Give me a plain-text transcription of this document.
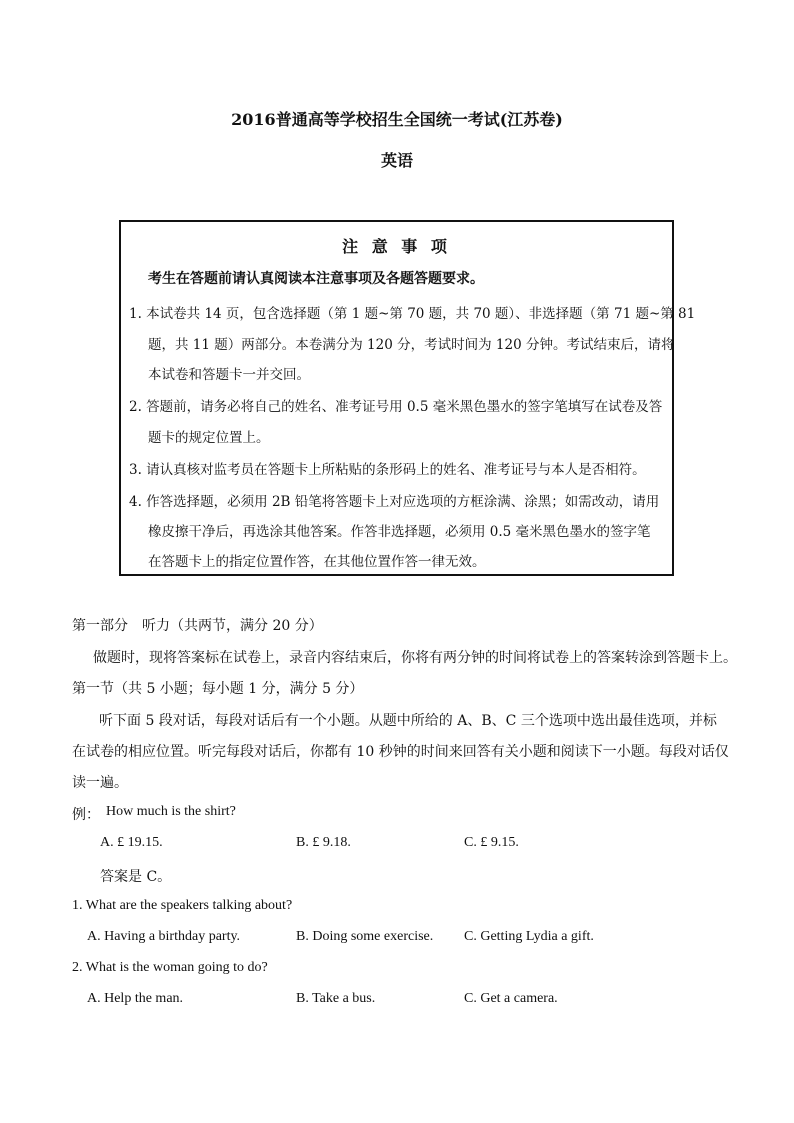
2016普通高等学校招生全国统一考试(江苏卷)
英语
注 意 事 项
考生在答题前请认真阅读本注意事项及各题答题要求。
1. 本试卷共 14 页，包含选择题（第 1 题~第 70 题，共 70 题）、非选择题（第 71 题~第 81
题，共 11 题）两部分。本卷满分为 120 分，考试时间为 120 分钟。考试结束后，请将
本试卷和答题卡一并交回。
2. 答题前，请务必将自己的姓名、准考证号用 0.5 毫米黑色墨水的签字笔填写在试卷及答
题卡的规定位置上。
3. 请认真核对监考员在答题卡上所粘贴的条形码上的姓名、准考证号与本人是否相符。
4. 作答选择题，必须用 2B 铅笔将答题卡上对应选项的方框涂满、涂黑；如需改动，请用
橡皮擦干净后，再选涂其他答案。作答非选择题，必须用 0.5 毫米黑色墨水的签字笔
在答题卡上的指定位置作答，在其他位置作答一律无效。
第一部分　听力（共两节，满分 20 分）
做题时，现将答案标在试卷上，录音内容结束后，你将有两分钟的时间将试卷上的答案转涂到答题卡上。
第一节（共 5 小题；每小题 1 分，满分 5 分）
听下面 5 段对话，每段对话后有一个小题。从题中所给的 A、B、C 三个选项中选出最佳选项，并标
在试卷的相应位置。听完每段对话后，你都有 10 秒钟的时间来回答有关小题和阅读下一小题。每段对话仅
读一遍。
例： How much is the shirt?
A. £ 19.15.	B. £ 9.18.	C. £ 9.15.
答案是 C。
1. What are the speakers talking about?
A. Having a birthday party.	B. Doing some exercise. C. Getting Lydia a gift.
2. What is the woman going to do?
A. Help the man.	B. Take a bus.	C. Get a camera.
